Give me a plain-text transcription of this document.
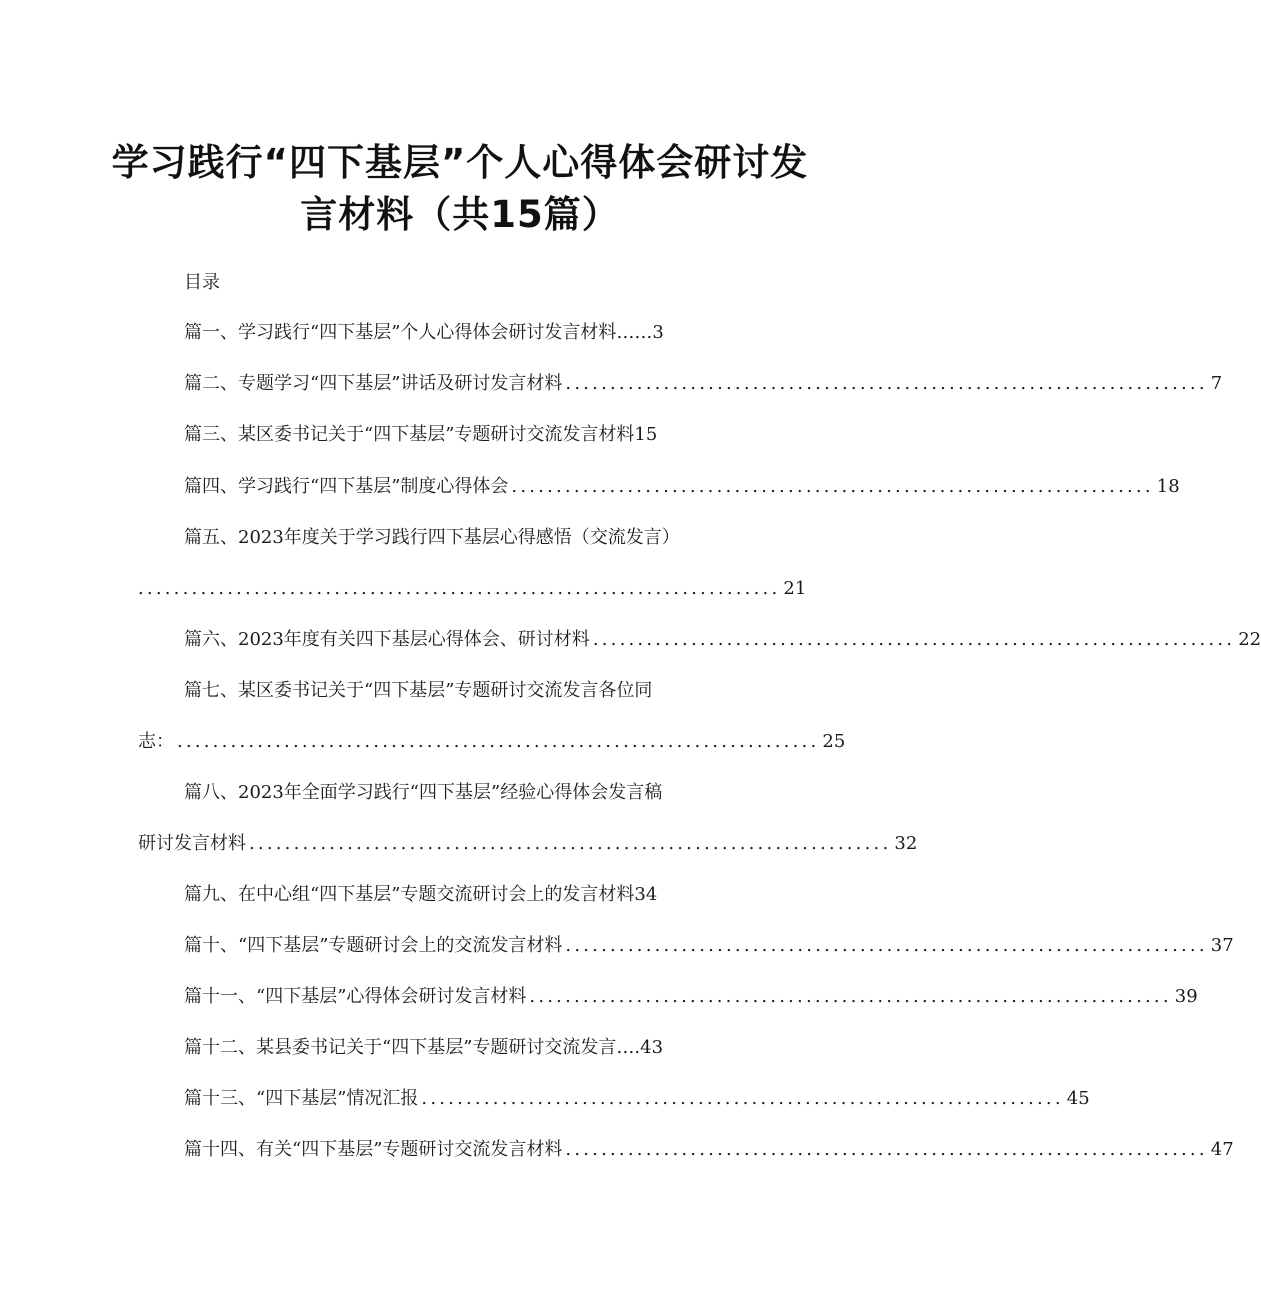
学习践行“四下基层”个人心得体会研讨发
言材料（共15篇）
目录
篇一、学习践行“四下基层”个人心得体会研讨发言材料……3
篇二、专题学习“四下基层”讲话及研讨发言材料 ........................................................................ 7
篇三、某区委书记关于“四下基层”专题研讨交流发言材料15
篇四、学习践行“四下基层”制度心得体会 ........................................................................ 18
篇五、2023年度关于学习践行四下基层心得感悟（交流发言）
........................................................................ 21
篇六、2023年度有关四下基层心得体会、研讨材料 ........................................................................ 22
篇七、某区委书记关于“四下基层”专题研讨交流发言各位同
志： ........................................................................ 25
篇八、2023年全面学习践行“四下基层”经验心得体会发言稿
研讨发言材料 ........................................................................ 32
篇九、在中心组“四下基层”专题交流研讨会上的发言材料34
篇十、“四下基层”专题研讨会上的交流发言材料 ........................................................................ 37
篇十一、“四下基层”心得体会研讨发言材料 ........................................................................ 39
篇十二、某县委书记关于“四下基层”专题研讨交流发言….43
篇十三、“四下基层”情况汇报 ........................................................................ 45
篇十四、有关“四下基层”专题研讨交流发言材料 ........................................................................ 47
